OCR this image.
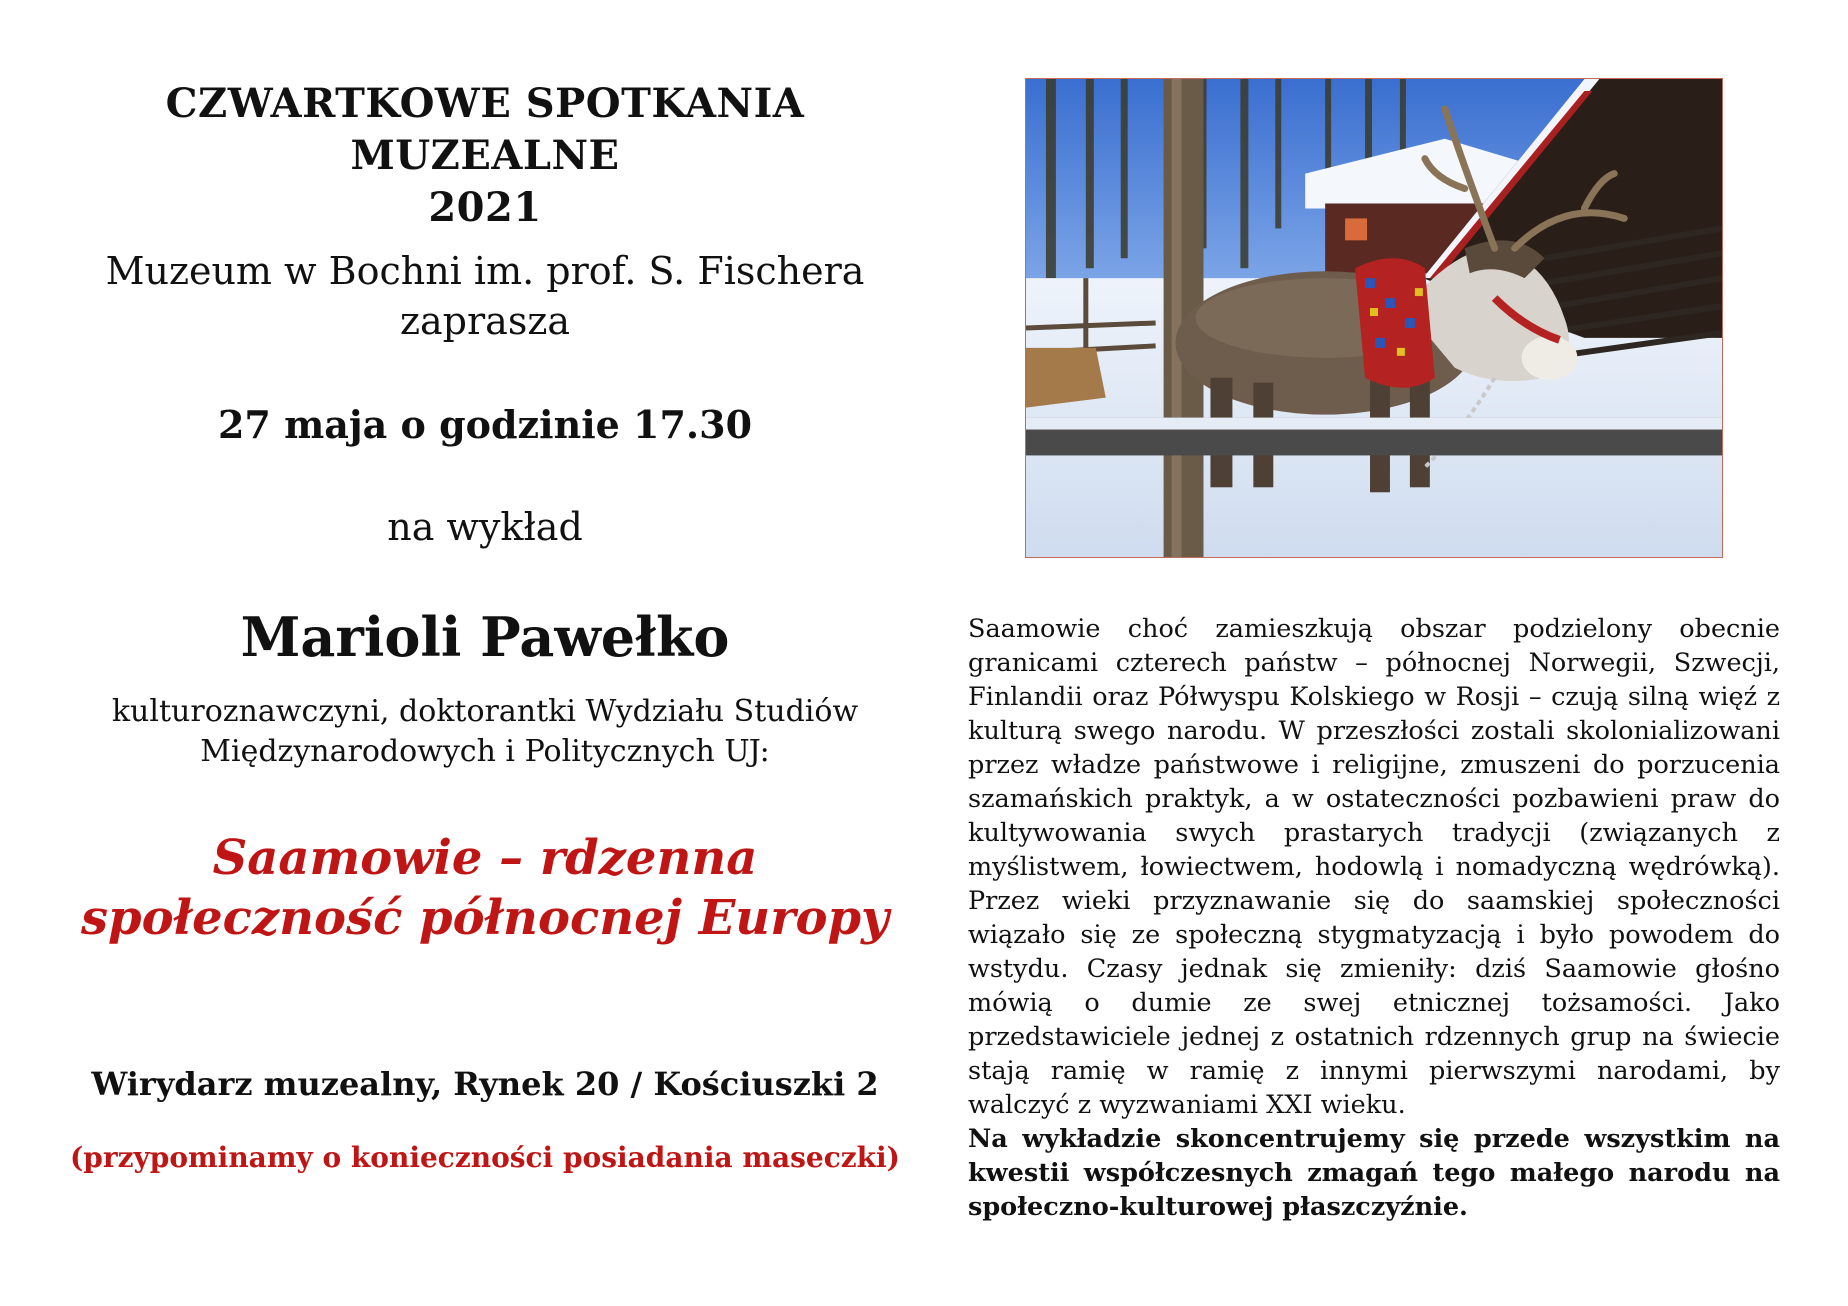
CZWARTKOWE SPOTKANIA MUZEALNE
2021
Muzeum w Bochni im. prof. S. Fischera
zaprasza
27 maja o godzinie 17.30
na wykład
Marioli Pawełko
kulturoznawczyni, doktorantki Wydziału Studiów
Międzynarodowych i Politycznych UJ:
Saamowie – rdzenna
społeczność północnej Europy
Wirydarz muzealny, Rynek 20 / Kościuszki 2
(przypominamy o konieczności posiadania maseczki)

Saamowie choć zamieszkują obszar podzielony obecnie granicami czterech państw – północnej Norwegii, Szwecji, Finlandii oraz Półwyspu Kolskiego w Rosji – czują silną więź z kulturą swego narodu. W przeszłości zostali skolonializowani przez władze państwowe i religijne, zmuszeni do porzucenia szamańskich praktyk, a w ostateczności pozbawieni praw do kultywowania swych prastarych tradycji (związanych z myślistwem, łowiectwem, hodowlą i nomadyczną wędrówką). Przez wieki przyznawanie się do saamskiej społeczności wiązało się ze społeczną stygmatyzacją i było powodem do wstydu. Czasy jednak się zmieniły: dziś Saamowie głośno mówią o dumie ze swej etnicznej tożsamości. Jako przedstawiciele jednej z ostatnich rdzennych grup na świecie stają ramię w ramię z innymi pierwszymi narodami, by walczyć z wyzwaniami XXI wieku.

Na wykładzie skoncentrujemy się przede wszystkim na kwestii współczesnych zmagań tego małego narodu na społeczno-kulturowej płaszczyźnie.
